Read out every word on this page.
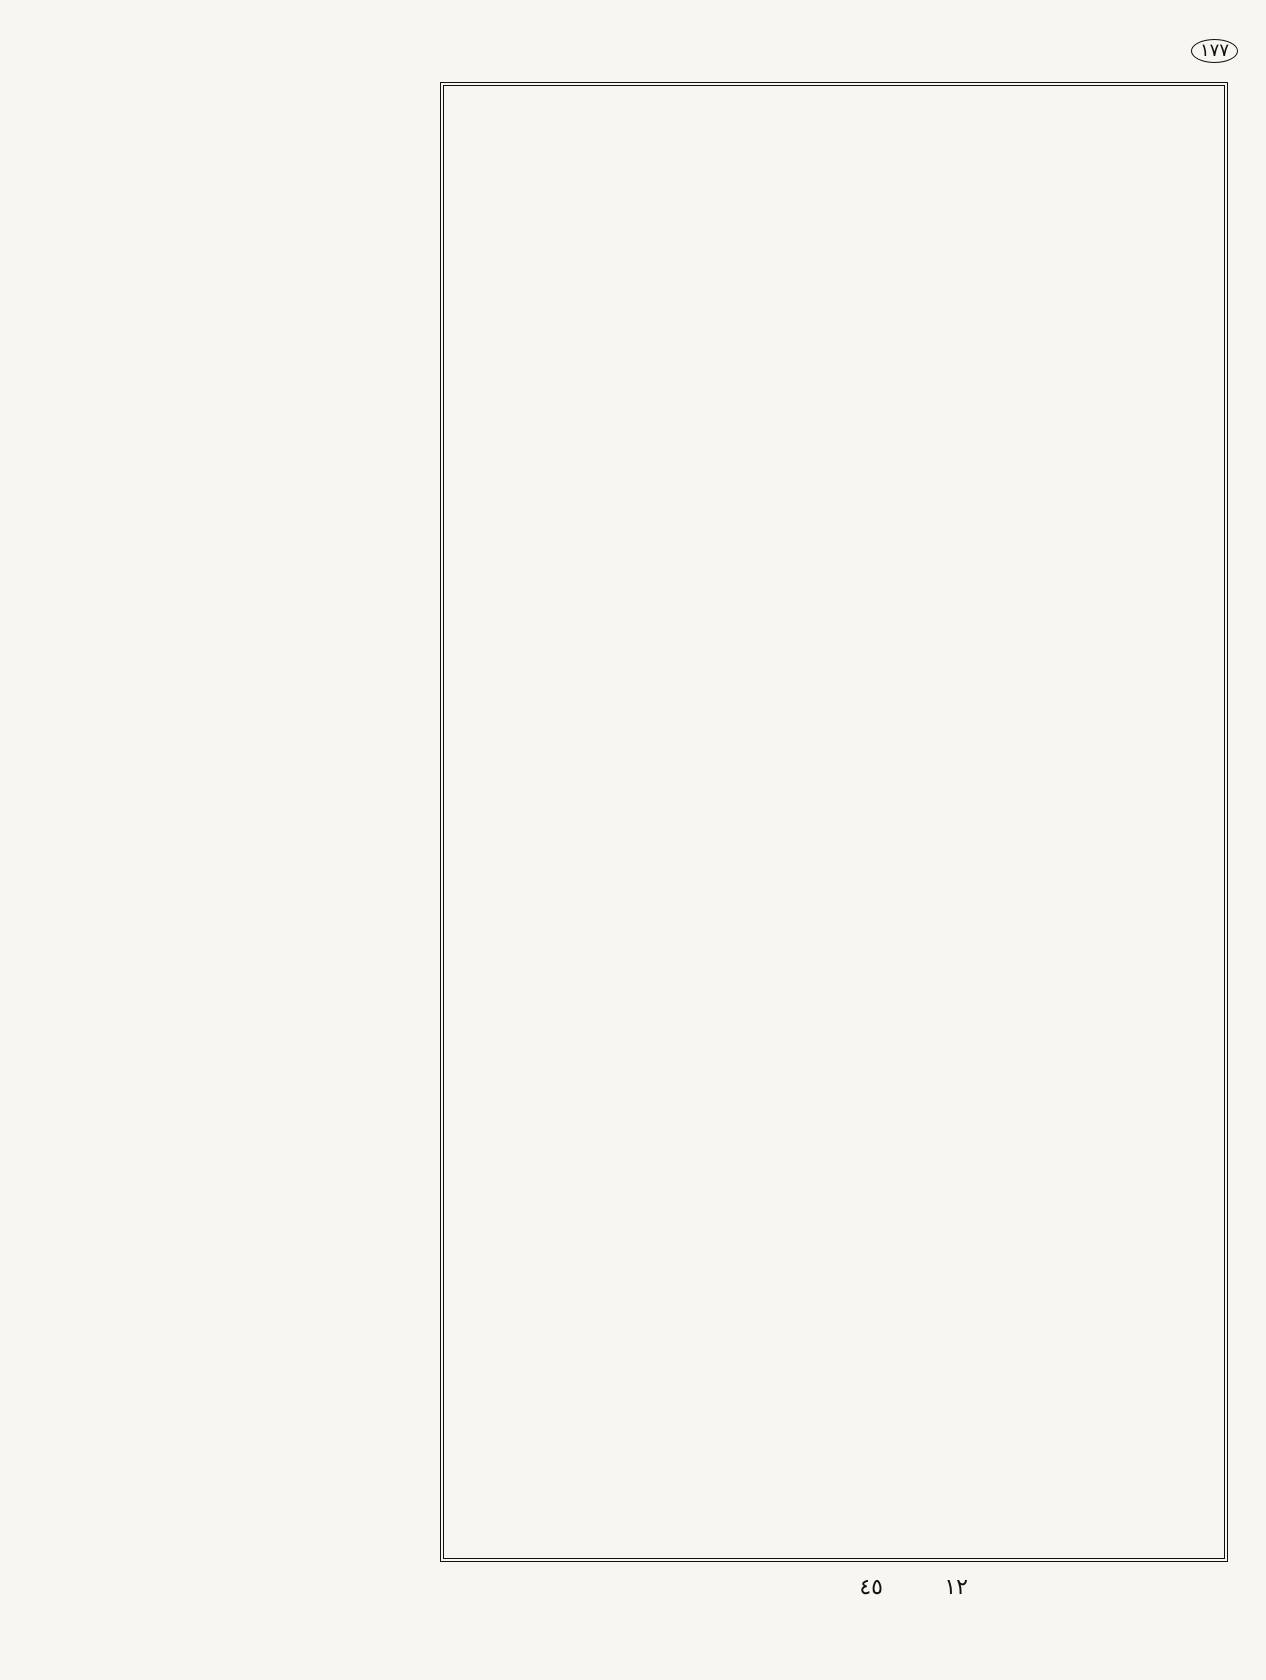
١٧٧
١٢
٤٥
